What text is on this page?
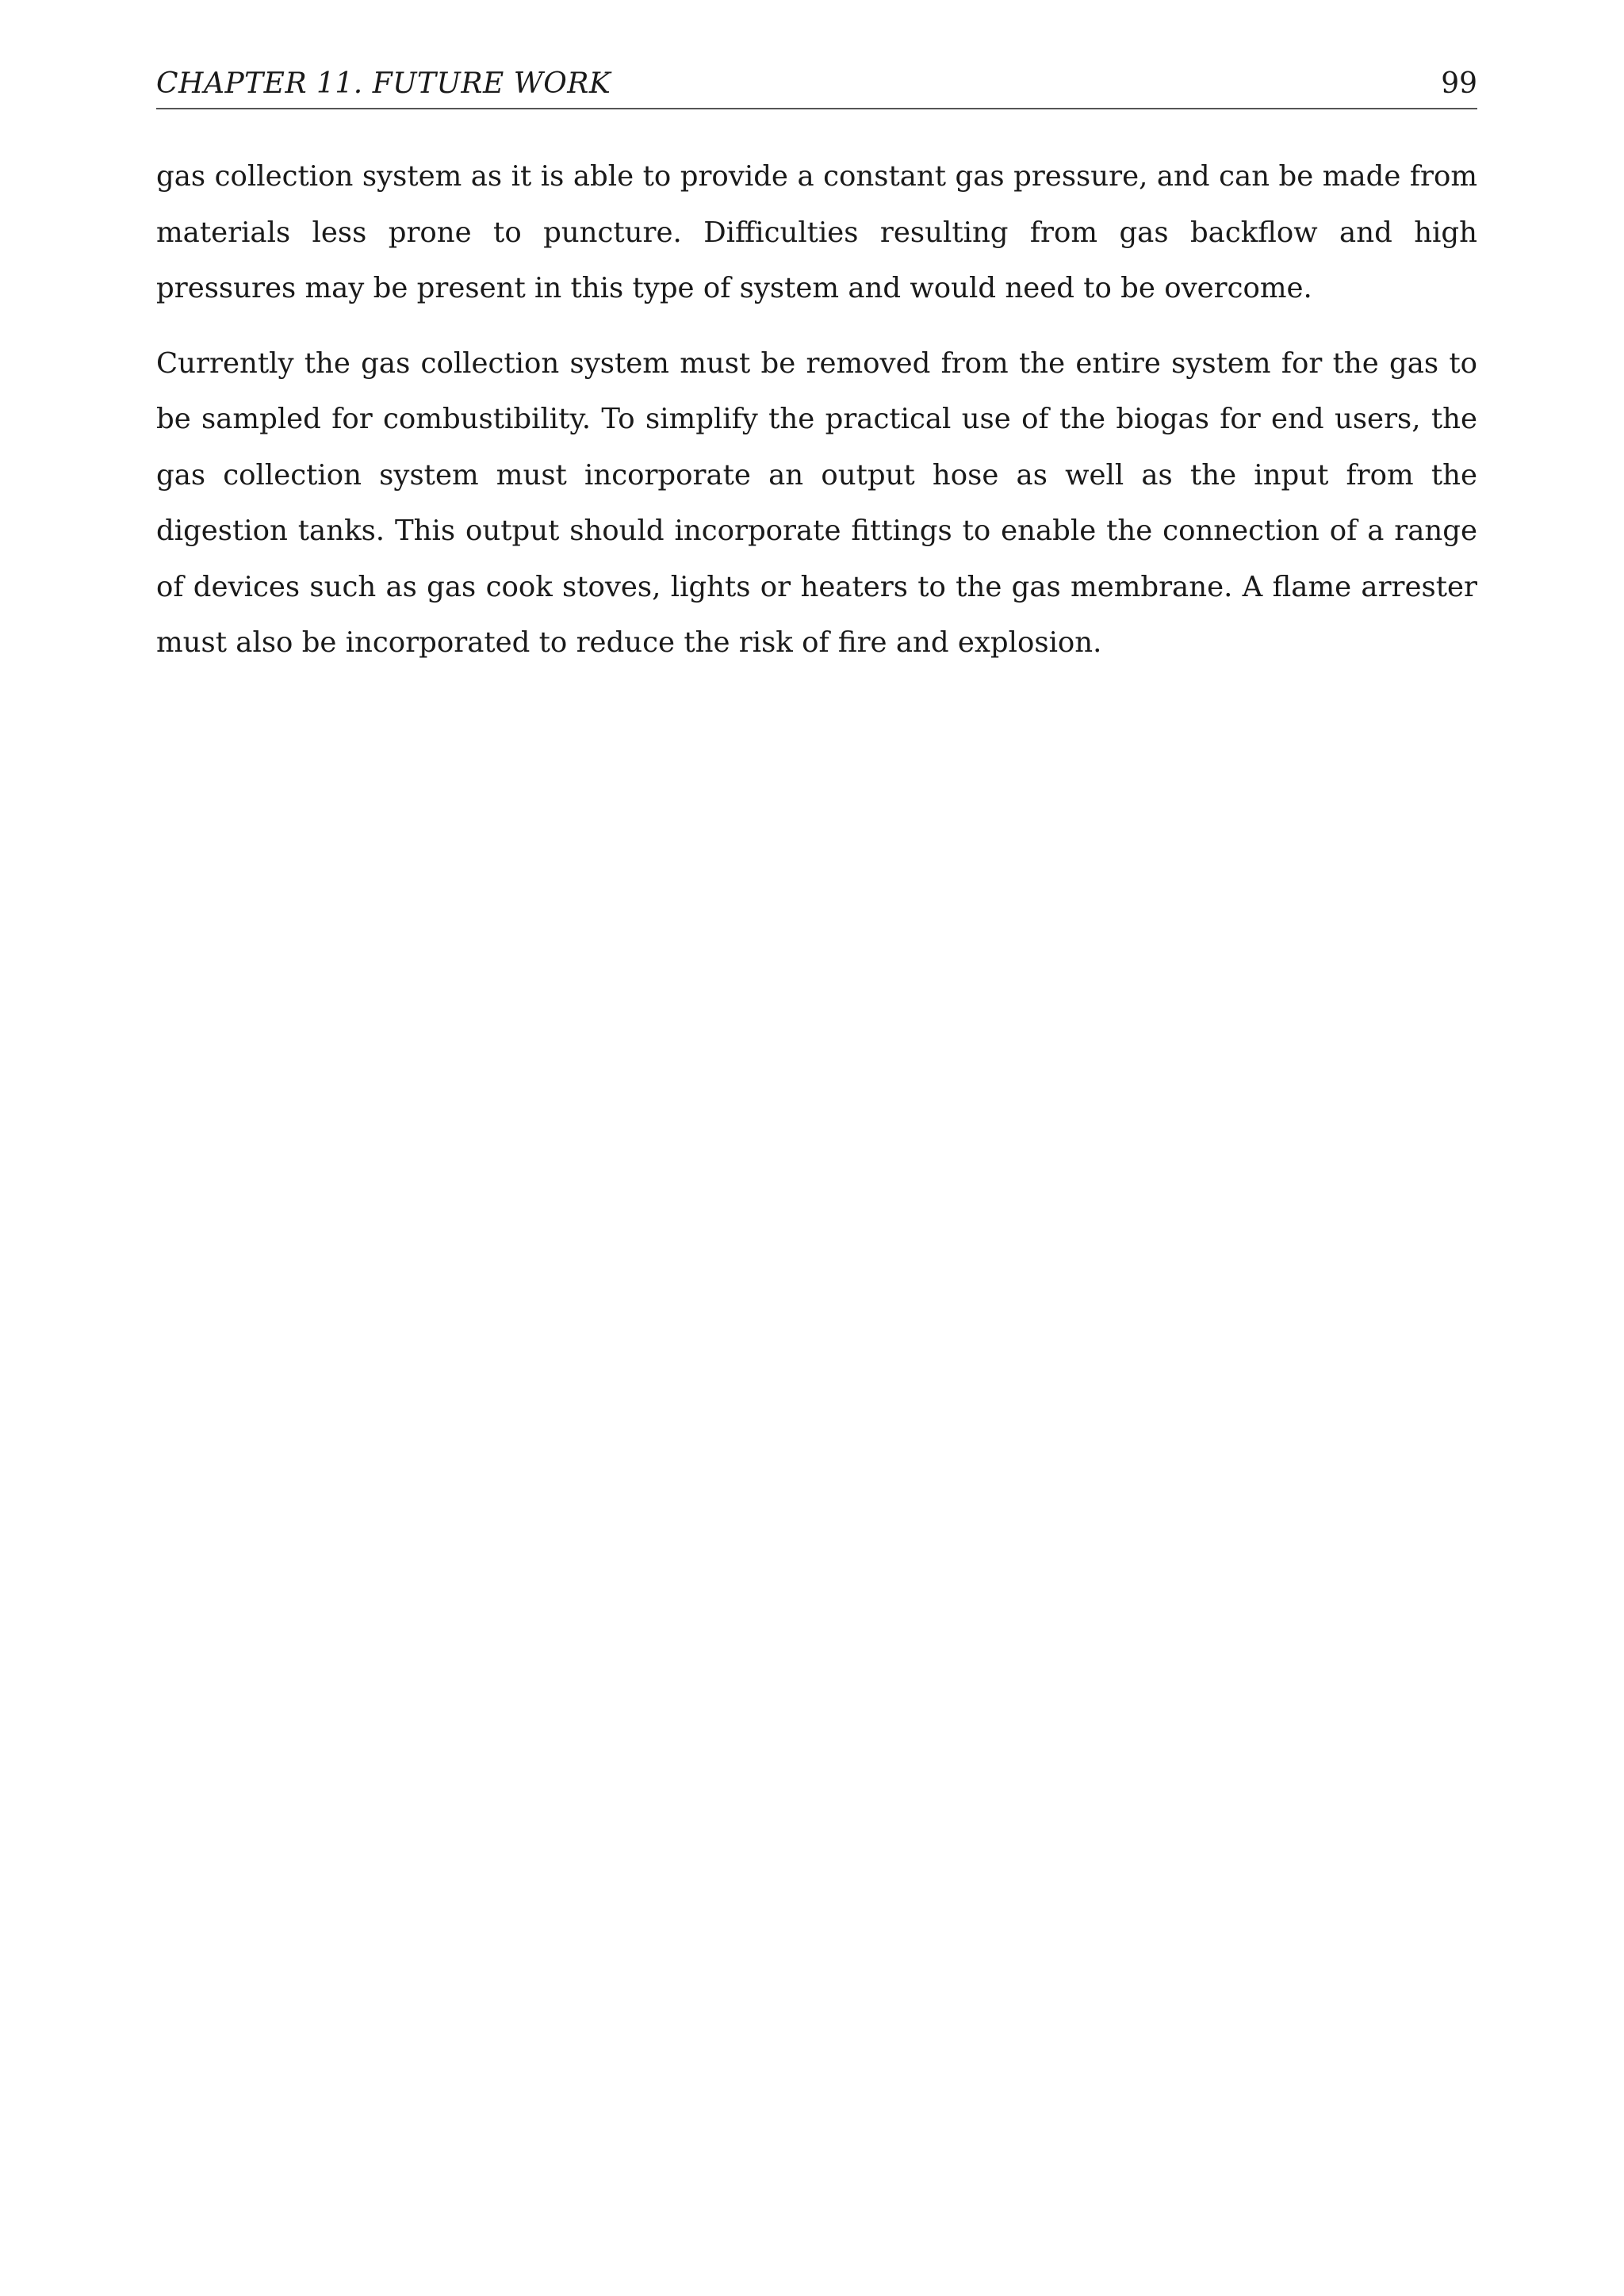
CHAPTER 11. FUTURE WORK	99

gas collection system as it is able to provide a constant gas pressure, and can be made from materials less prone to puncture. Difficulties resulting from gas backflow and high pressures may be present in this type of system and would need to be overcome.

Currently the gas collection system must be removed from the entire system for the gas to be sampled for combustibility. To simplify the practical use of the biogas for end users, the gas collection system must incorporate an output hose as well as the input from the digestion tanks. This output should incorporate fittings to enable the connection of a range of devices such as gas cook stoves, lights or heaters to the gas membrane. A flame arrester must also be incorporated to reduce the risk of fire and explosion.
